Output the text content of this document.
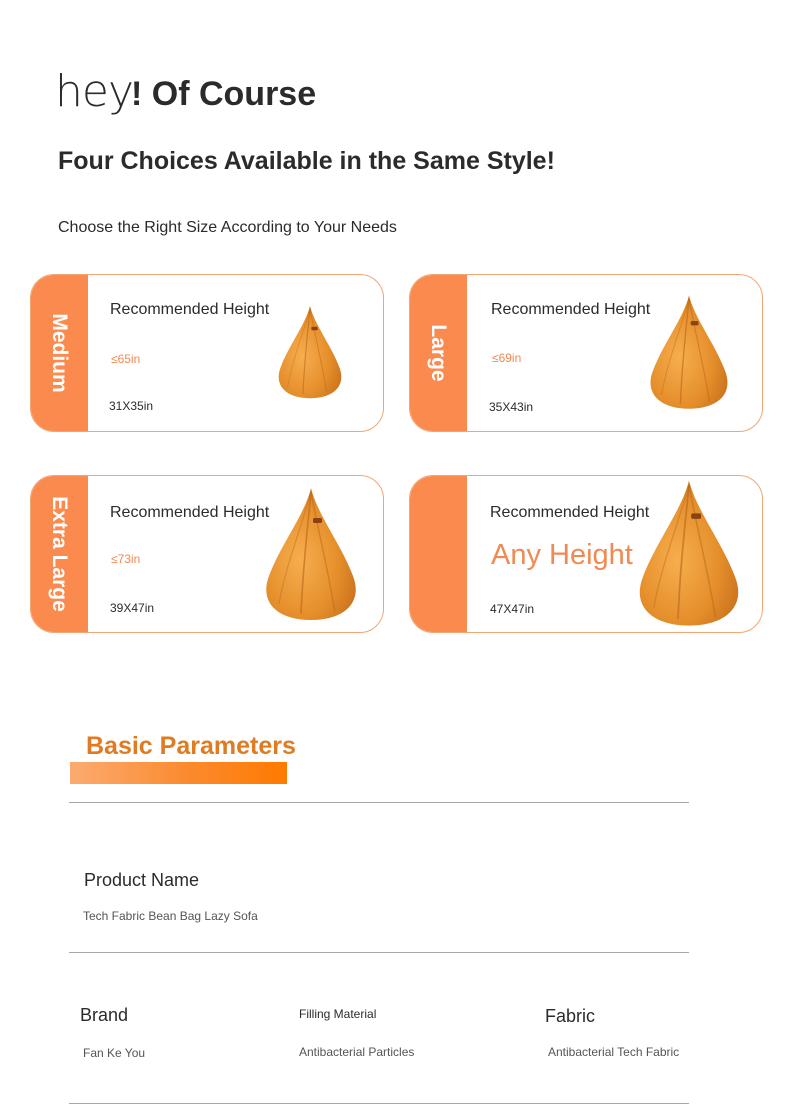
hey
! Of Course
Four Choices Available in the Same Style!
Choose the Right Size According to Your Needs
Medium
Recommended Height
≤65in
31X35in
Large
Recommended Height
≤69in
35X43in
Extra Large Recommended Height
≤73in
39X47in
Recommended Height
Any Height
47X47in
Basic Parameters
Product Name
Tech Fabric Bean Bag Lazy Sofa
Brand
Fan Ke You
Filling Material
Antibacterial Particles
Fabric
Antibacterial Tech Fabric
